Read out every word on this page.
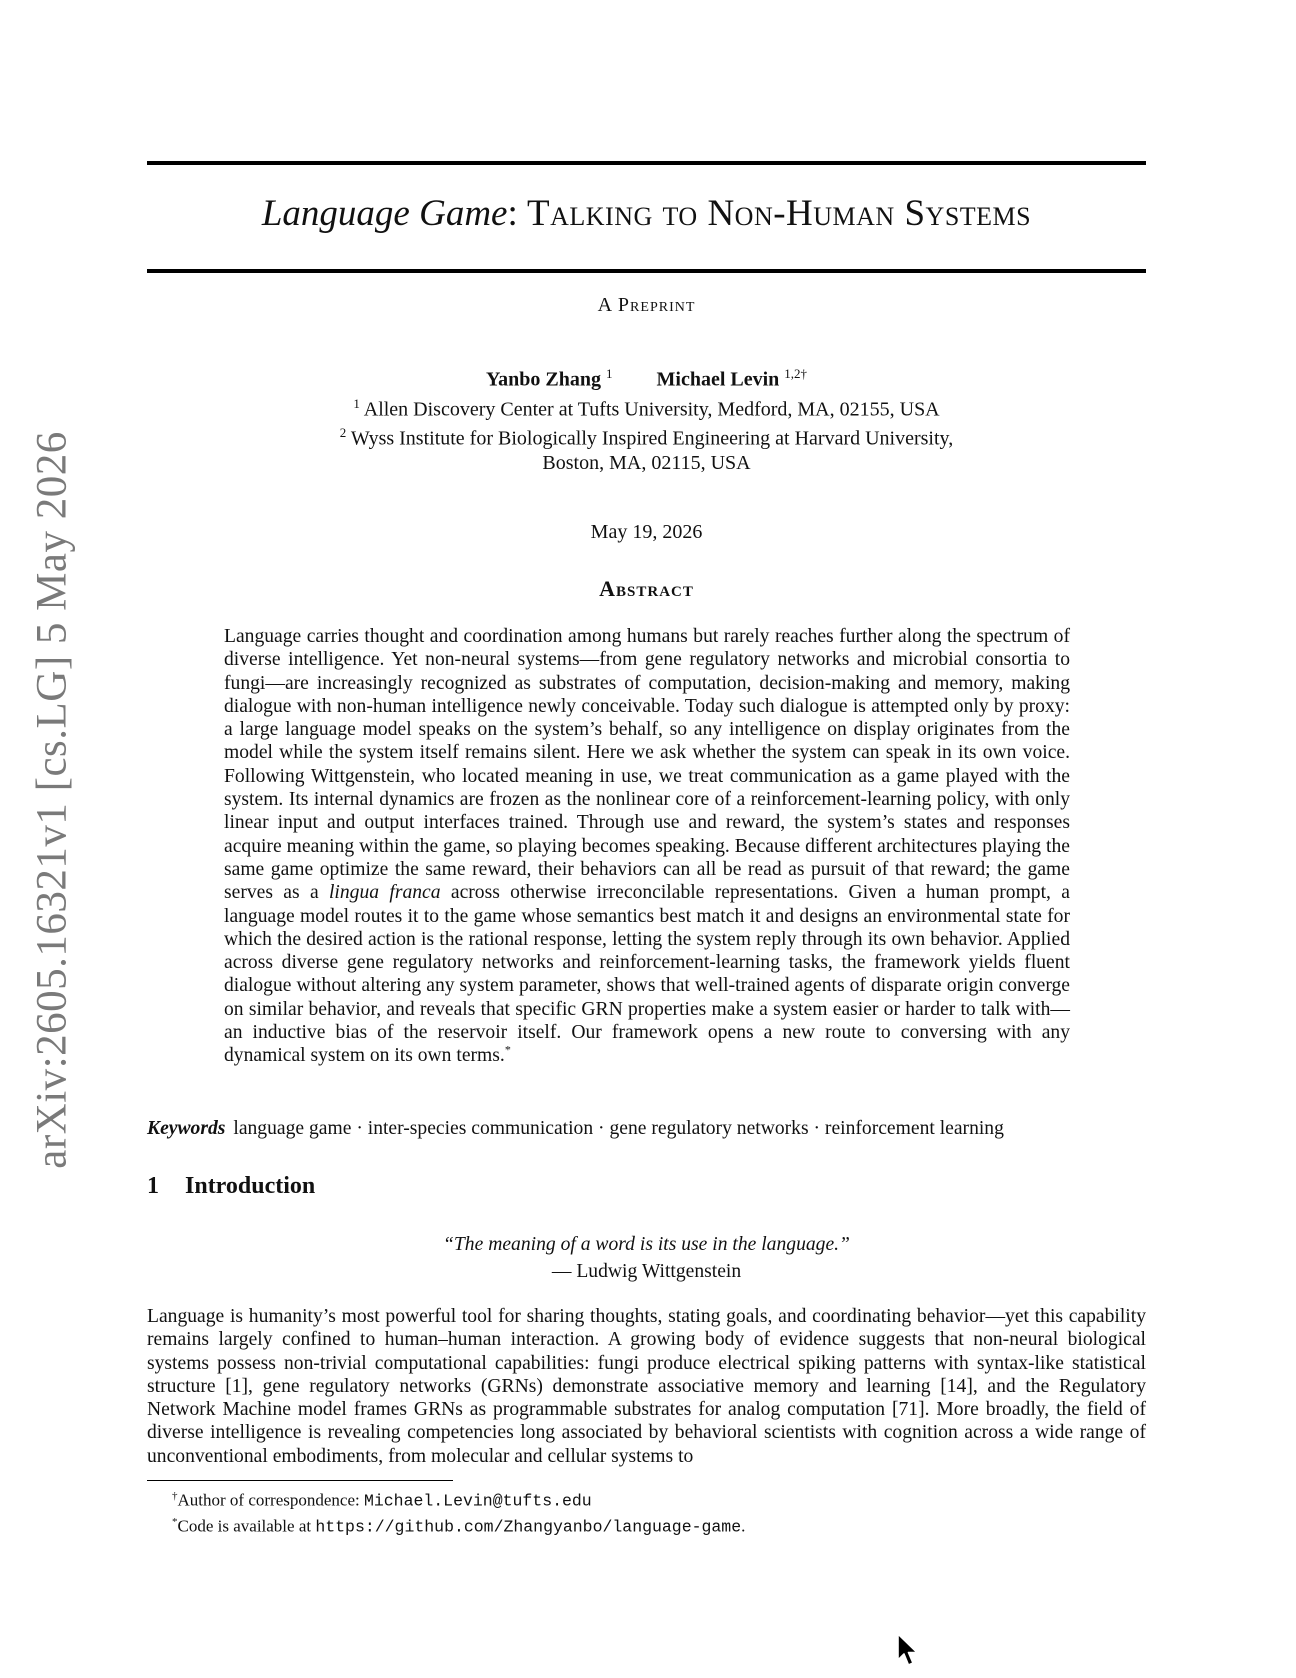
Language Game: Talking to Non-Human Systems
A Preprint
Yanbo Zhang $^1$ Michael Levin $^{1,2\dagger}$
$^1$ Allen Discovery Center at Tufts University, Medford, MA, 02155, USA
$^2$ Wyss Institute for Biologically Inspired Engineering at Harvard University,
Boston, MA, 02115, USA
May 19, 2026
Abstract
Language carries thought and coordination among humans but rarely reaches further along the spectrum of diverse intelligence. Yet non-neural systems—from gene regulatory networks and microbial consortia to fungi—are increasingly recognized as substrates of computation, decision-making and memory, making dialogue with non-human intelligence newly conceivable. Today such dialogue is attempted only by proxy: a large language model speaks on the system’s behalf, so any intelligence on display originates from the model while the system itself remains silent. Here we ask whether the system can speak in its own voice. Following Wittgenstein, who located meaning in use, we treat communication as a game played with the system. Its internal dynamics are frozen as the nonlinear core of a reinforcement-learning policy, with only linear input and output interfaces trained. Through use and reward, the system’s states and responses acquire meaning within the game, so playing becomes speaking. Because different architectures playing the same game optimize the same reward, their behaviors can all be read as pursuit of that reward; the game serves as a lingua franca across otherwise irreconcilable representations. Given a human prompt, a language model routes it to the game whose semantics best match it and designs an environmental state for which the desired action is the rational response, letting the system reply through its own behavior. Applied across diverse gene regulatory networks and reinforcement-learning tasks, the framework yields fluent dialogue without altering any system parameter, shows that well-trained agents of disparate origin converge on similar behavior, and reveals that specific GRN properties make a system easier or harder to talk with—an inductive bias of the reservoir itself. Our framework opens a new route to conversing with any dynamical system on its own terms.*
Keywords language game · inter-species communication · gene regulatory networks · reinforcement learning
1 Introduction
“The meaning of a word is its use in the language.”
— Ludwig Wittgenstein
Language is humanity’s most powerful tool for sharing thoughts, stating goals, and coordinating behavior—yet this capability remains largely confined to human–human interaction. A growing body of evidence suggests that non-neural biological systems possess non-trivial computational capabilities: fungi produce electrical spiking patterns with syntax-like statistical structure [1], gene regulatory networks (GRNs) demonstrate associative memory and learning [14], and the Regulatory Network Machine model frames GRNs as programmable substrates for analog computation [71]. More broadly, the field of diverse intelligence is revealing competencies long associated by behavioral scientists with cognition across a wide range of unconventional embodiments, from molecular and cellular systems to
†Author of correspondence: Michael.Levin@tufts.edu
*Code is available at https://github.com/Zhangyanbo/language-game.
arXiv:2605.16321v1 [cs.LG] 5 May 2026
